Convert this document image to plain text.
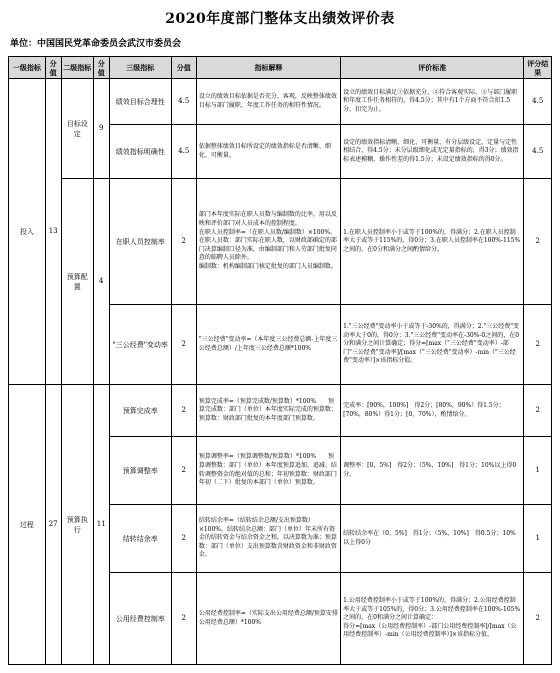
2020年度部门整体支出绩效评价表
单位：中国国民党革命委员会武汉市委员会
一级指标	分值	二级指标	分值	三级指标	分值	指标解释	评价标准	评分结果
投入	13	目标设定	9	绩效目标合理性	4.5	设立的绩效目标依据是否充分、客观，反映整体绩效目标与部门履职、年度工作任务的相符性情况。	设立的绩效目标满足①依据充分，②符合客观实际，③与部门履职和年度工作任务相符的，得4.5分；其中有1个方面不符合扣1.5分，扣完为止。	4.5
				绩效指标明确性	4.5	依据整体绩效目标所设定的绩效指标是否清晰、细化、可衡量。	设定的绩效指标清晰、细化、可衡量，有分层级设定，定量与定性相结合，得4.5分；未分层级细化或无定量指标的，得3分；绩效指标表述模糊，操作性差的得1.5分；未设定绩效指标的得0分。	4.5
		预算配置	4	在职人员控制率	2	部门本年度实际在职人员数与编制数的比率，用以反映和评价部门对人员成本的控制程度。
在职人员控制率=（在职人员数/编制数）×100%。
在职人员数：部门实际在职人数，以财政部确定的部门决算编制口径为准，由编制部门和人劳部门批复同意的临聘人员除外。
编制数：机构编制部门核定批复的部门人员编制数。	1.在职人员控制率小于或等于100%的，得满分；2.在职人员控制率大于或等于115%的，得0分；3.在职人员控制率在100%-115%之间的，在0分和满分之间酌情给分。	2
				"三公经费"变动率	2	"三公经费"变动率=（本年度三公经费总额-上年度三公经费总额）/上年度三公经费总额*100%	1."三公经费"变动率小于或等于-30%的，得满分；2."三公经费"变动率大于0的，得0分；3."三公经费"变动率在-30%-0之间的，在0分和满分之间计算确定；得分=[max（"三公经费"变动率）-部门"三公经费"变动率]/[max（"三公经费"变动率）-min（"三公经费"变动率）]×该指标分值。	2
过程	27	预算执行	11	预算完成率	2	预算完成率=（预算完成数/预算数）*100%　　预算完成数：部门（单位）本年度实际完成的预算数；预算数：财政部门批复的本年度部门预算数。	完成率：[90%，100%]　得2分；[80%，90%）得1.5分；[70%，80%）得1分；[0，70%），酌情给分。	2
				预算调整率	2	预算调整率=（预算调整数/预算数）*100%　　预算调整数：部门（单位）本年度预算追加、追减、结转调整资金的绝对值的总和；年初预算数：财政部门年初（二下）批复的本部门（单位）预算数。	调整率：[0，5%]　得2分；（5%，10%]　得1分；10%以上得0分。	1
				结转结余率	2	结转结余率=（结转结余总额/支出预算数）×100%。结转结余总额：部门（单位）年末所有资金的结转资金与结余资金之和，以决算数为准；预算数：部门（单位）支出预算数含财政资金和非财政资金。	结转结余率在（0，5%]　得1分；（5%，10%]　得0.5分；10%以上得0分	1
				公用经费控制率	2	公用经费控制率=（实际支出公用经费总额/预算安排公用经费总额）*100%	1.公用经费控制率小于或等于100%的，得满分；2.公用经费控制率大于或等于105%的，得0分；3.公用经费控制率在100%-105%之间的，在0和满分之间计算确定：
得分=[max（公用经费控制率）-部门公用经费控制率]/[max（公用经费控制率）-min（公用经费控制率）]×该指标分值。	2
